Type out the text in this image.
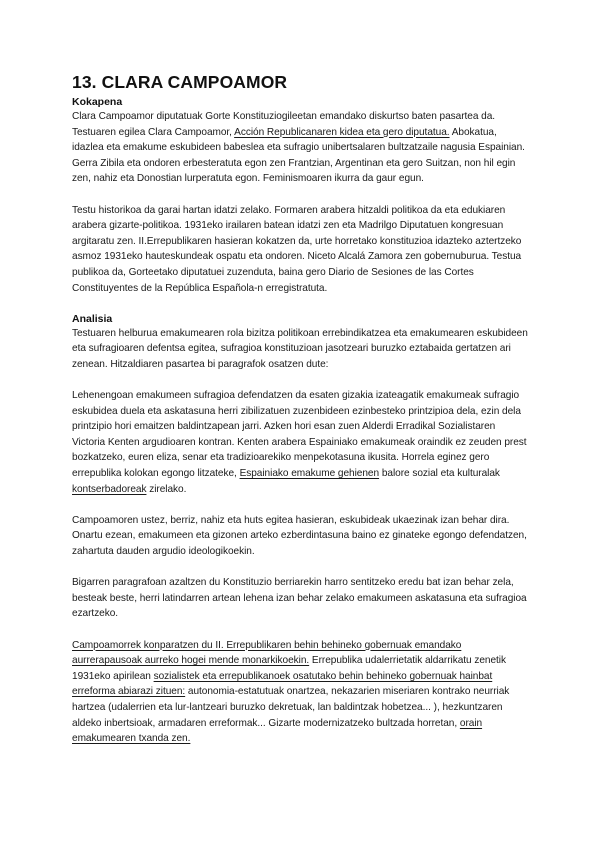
13. CLARA CAMPOAMOR
Kokapena

Clara Campoamor diputatuak Gorte Konstituziogileetan emandako diskurtso baten pasartea da. Testuaren egilea Clara Campoamor, Acción Republicanaren kidea eta gero diputatua. Abokatua, idazlea eta emakume eskubideen babeslea eta sufragio unibertsalaren bultzatzaile nagusia Espainian. Gerra Zibila eta ondoren erbesteratuta egon zen Frantzian, Argentinan eta gero Suitzan, non hil egin zen, nahiz eta Donostian lurperatuta egon. Feminismoaren ikurra da gaur egun.

Testu historikoa da garai hartan idatzi zelako. Formaren arabera hitzaldi politikoa da eta edukiaren arabera gizarte-politikoa. 1931eko irailaren batean idatzi zen eta Madrilgo Diputatuen kongresuan argitaratu zen. II.Errepublikaren hasieran kokatzen da, urte horretako konstituzioa idazteko aztertzeko asmoz 1931eko hauteskundeak ospatu eta ondoren. Niceto Alcalá Zamora zen gobernuburua. Testua publikoa da, Gorteetako diputatuei zuzenduta, baina gero Diario de Sesiones de las Cortes Constituyentes de la República Española-n erregistratuta.

Analisia

Testuaren helburua emakumearen rola bizitza politikoan errebindikatzea eta emakumearen eskubideen eta sufragioaren defentsa egitea, sufragioa konstituzioan jasotzeari buruzko eztabaida gertatzen ari zenean. Hitzaldiaren pasartea bi paragrafok osatzen dute:

Lehenengoan emakumeen sufragioa defendatzen da esaten gizakia izateagatik emakumeak sufragio eskubidea duela eta askatasuna herri zibilizatuen zuzenbideen ezinbesteko printzipioa dela, ezin dela printzipio hori emaitzen baldintzapean jarri. Azken hori esan zuen Alderdi Erradikal Sozialistaren Victoria Kenten argudioaren kontran. Kenten arabera Espainiako emakumeak oraindik ez zeuden prest bozkatzeko, euren eliza, senar eta tradizioarekiko menpekotasuna ikusita. Horrela eginez gero errepublika kolokan egongo litzateke, Espainiako emakume gehienen balore sozial eta kulturalak kontserbadoreak zirelako.

Campoamoren ustez, berriz, nahiz eta huts egitea hasieran, eskubideak ukaezinak izan behar dira. Onartu ezean, emakumeen eta gizonen arteko ezberdintasuna baino ez ginateke egongo defendatzen, zahartuta dauden argudio ideologikoekin.

Bigarren paragrafoan azaltzen du Konstituzio berriarekin harro sentitzeko eredu bat izan behar zela, besteak beste, herri latindarren artean lehena izan behar zelako emakumeen askatasuna eta sufragioa ezartzeko.

Campoamorrek konparatzen du II. Errepublikaren behin behineko gobernuak emandako aurrerapausoak aurreko hogei mende monarkikoekin. Errepublika udalerrietatik aldarrikatu zenetik 1931eko apirilean sozialistek eta errepublikanoek osatutako behin behineko gobernuak hainbat erreforma abiarazi zituen: autonomia-estatutuak onartzea, nekazarien miseriaren kontrako neurriak hartzea (udalerrien eta lur-lantzeari buruzko dekretuak, lan baldintzak hobetzea... ), hezkuntzaren aldeko inbertsioak, armadaren erreformak... Gizarte modernizatzeko bultzada horretan, orain emakumearen txanda zen.
